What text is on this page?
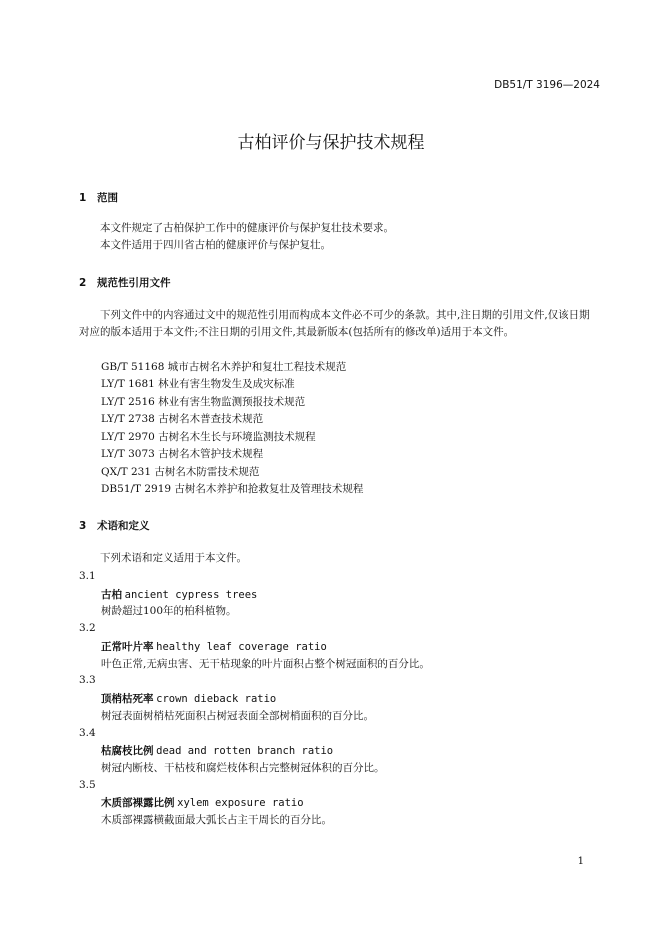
DB51/T 3196—2024
古柏评价与保护技术规程
1 范围
本文件规定了古柏保护工作中的健康评价与保护复壮技术要求。
本文件适用于四川省古柏的健康评价与保护复壮。
2 规范性引用文件
下列文件中的内容通过文中的规范性引用而构成本文件必不可少的条款。其中,注日期的引用文件,仅该日期对应的版本适用于本文件;不注日期的引用文件,其最新版本(包括所有的修改单)适用于本文件。
GB/T 51168 城市古树名木养护和复壮工程技术规范
LY/T 1681 林业有害生物发生及成灾标准
LY/T 2516 林业有害生物监测预报技术规范
LY/T 2738 古树名木普查技术规范
LY/T 2970 古树名木生长与环境监测技术规程
LY/T 3073 古树名木管护技术规程
QX/T 231 古树名木防雷技术规范
DB51/T 2919 古树名木养护和抢救复壮及管理技术规程
3 术语和定义
下列术语和定义适用于本文件。
3.1
古柏 ancient cypress trees
树龄超过100年的柏科植物。
3.2
正常叶片率 healthy leaf coverage ratio
叶色正常,无病虫害、无干枯现象的叶片面积占整个树冠面积的百分比。
3.3
顶梢枯死率 crown dieback ratio
树冠表面树梢枯死面积占树冠表面全部树梢面积的百分比。
3.4
枯腐枝比例 dead and rotten branch ratio
树冠内断枝、干枯枝和腐烂枝体积占完整树冠体积的百分比。
3.5
木质部裸露比例 xylem exposure ratio
木质部裸露横截面最大弧长占主干周长的百分比。
1
